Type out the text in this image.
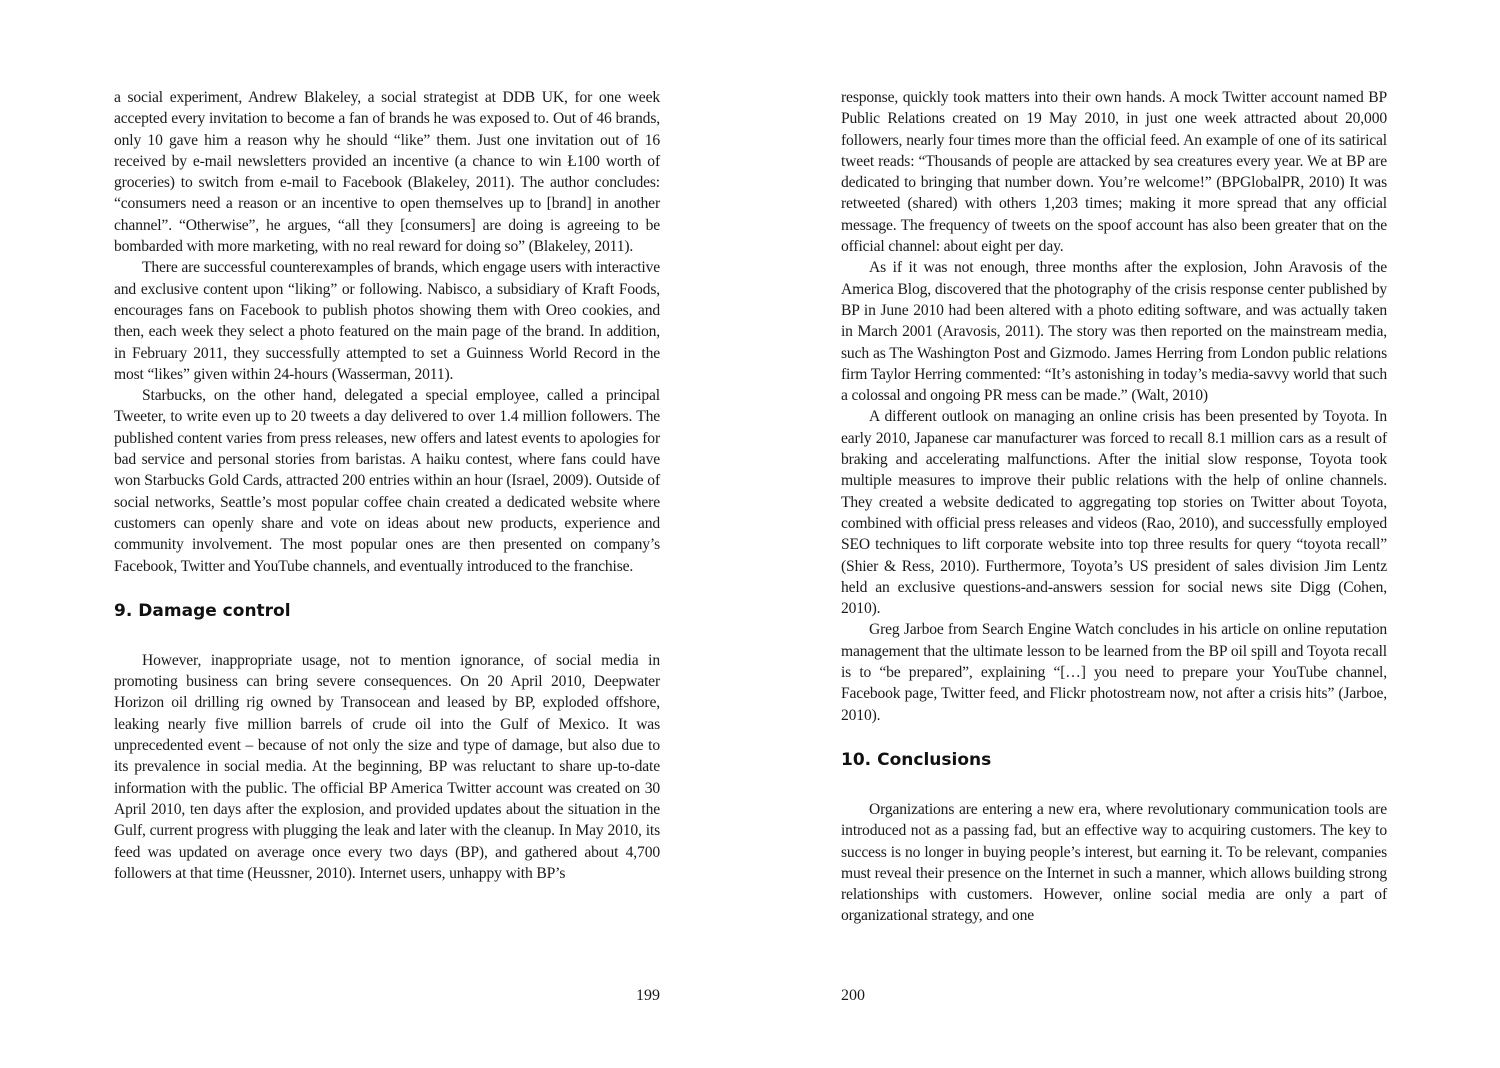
a social experiment, Andrew Blakeley, a social strategist at DDB UK, for one week accepted every invitation to become a fan of brands he was exposed to. Out of 46 brands, only 10 gave him a reason why he should “like” them. Just one invitation out of 16 received by e-mail newsletters provided an incentive (a chance to win Ł100 worth of groceries) to switch from e-mail to Facebook (Blakeley, 2011). The author concludes: “consumers need a reason or an incentive to open themselves up to [brand] in another channel”. “Otherwise”, he argues, “all they [consumers] are doing is agreeing to be bombarded with more marketing, with no real reward for doing so” (Blakeley, 2011).

There are successful counterexamples of brands, which engage users with interactive and exclusive content upon “liking” or following. Nabisco, a subsidiary of Kraft Foods, encourages fans on Facebook to publish photos showing them with Oreo cookies, and then, each week they select a photo featured on the main page of the brand. In addition, in February 2011, they successfully attempted to set a Guinness World Record in the most “likes” given within 24-hours (Wasserman, 2011).

Starbucks, on the other hand, delegated a special employee, called a principal Tweeter, to write even up to 20 tweets a day delivered to over 1.4 million followers. The published content varies from press releases, new offers and latest events to apologies for bad service and personal stories from baristas. A haiku contest, where fans could have won Starbucks Gold Cards, attracted 200 entries within an hour (Israel, 2009). Outside of social networks, Seattle’s most popular coffee chain created a dedicated website where customers can openly share and vote on ideas about new products, experience and community involvement. The most popular ones are then presented on company’s Facebook, Twitter and YouTube channels, and eventually introduced to the franchise.

9. Damage control

However, inappropriate usage, not to mention ignorance, of social media in promoting business can bring severe consequences. On 20 April 2010, Deepwater Horizon oil drilling rig owned by Transocean and leased by BP, exploded offshore, leaking nearly five million barrels of crude oil into the Gulf of Mexico. It was unprecedented event – because of not only the size and type of damage, but also due to its prevalence in social media. At the beginning, BP was reluctant to share up-to-date information with the public. The official BP America Twitter account was created on 30 April 2010, ten days after the explosion, and provided updates about the situation in the Gulf, current progress with plugging the leak and later with the cleanup. In May 2010, its feed was updated on average once every two days (BP), and gathered about 4,700 followers at that time (Heussner, 2010). Internet users, unhappy with BP’s

199

response, quickly took matters into their own hands. A mock Twitter account named BP Public Relations created on 19 May 2010, in just one week attracted about 20,000 followers, nearly four times more than the official feed. An example of one of its satirical tweet reads: “Thousands of people are attacked by sea creatures every year. We at BP are dedicated to bringing that number down. You’re welcome!” (BPGlobalPR, 2010) It was retweeted (shared) with others 1,203 times; making it more spread that any official message. The frequency of tweets on the spoof account has also been greater that on the official channel: about eight per day.

As if it was not enough, three months after the explosion, John Aravosis of the America Blog, discovered that the photography of the crisis response center published by BP in June 2010 had been altered with a photo editing software, and was actually taken in March 2001 (Aravosis, 2011). The story was then reported on the mainstream media, such as The Washington Post and Gizmodo. James Herring from London public relations firm Taylor Herring commented: “It’s astonishing in today’s media-savvy world that such a colossal and ongoing PR mess can be made.” (Walt, 2010)

A different outlook on managing an online crisis has been presented by Toyota. In early 2010, Japanese car manufacturer was forced to recall 8.1 million cars as a result of braking and accelerating malfunctions. After the initial slow response, Toyota took multiple measures to improve their public relations with the help of online channels. They created a website dedicated to aggregating top stories on Twitter about Toyota, combined with official press releases and videos (Rao, 2010), and successfully employed SEO techniques to lift corporate website into top three results for query “toyota recall” (Shier & Ress, 2010). Furthermore, Toyota’s US president of sales division Jim Lentz held an exclusive questions-and-answers session for social news site Digg (Cohen, 2010).

Greg Jarboe from Search Engine Watch concludes in his article on online reputation management that the ultimate lesson to be learned from the BP oil spill and Toyota recall is to “be prepared”, explaining “[…] you need to prepare your YouTube channel, Facebook page, Twitter feed, and Flickr photostream now, not after a crisis hits” (Jarboe, 2010).

10. Conclusions

Organizations are entering a new era, where revolutionary communication tools are introduced not as a passing fad, but an effective way to acquiring customers. The key to success is no longer in buying people’s interest, but earning it. To be relevant, companies must reveal their presence on the Internet in such a manner, which allows building strong relationships with customers. However, online social media are only a part of organizational strategy, and one

200
